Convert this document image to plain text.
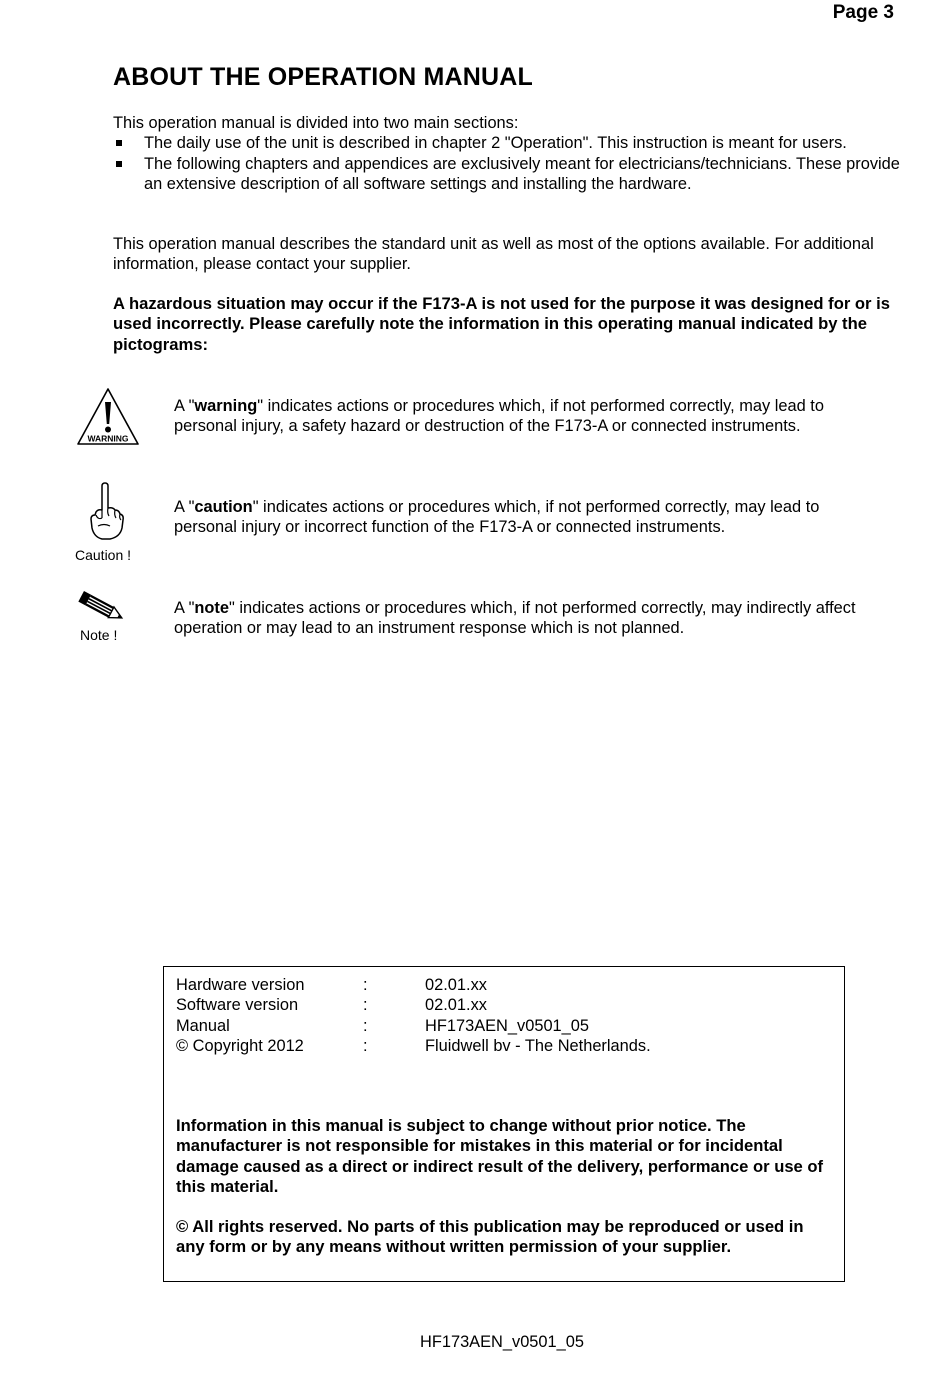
Page 3
ABOUT THE OPERATION MANUAL
This operation manual is divided into two main sections:
The daily use of the unit is described in chapter 2 "Operation". This instruction is meant for users.
The following chapters and appendices are exclusively meant for electricians/technicians. These provide an extensive description of all software settings and installing the hardware.
This operation manual describes the standard unit as well as most of the options available. For additional information, please contact your supplier.
A hazardous situation may occur if the F173-A is not used for the purpose it was designed for or is used incorrectly. Please carefully note the information in this operating manual indicated by the pictograms:
WARNING
A "warning" indicates actions or procedures which, if not performed correctly, may lead to personal injury, a safety hazard or destruction of the F173-A or connected instruments.
Caution !
A "caution" indicates actions or procedures which, if not performed correctly, may lead to personal injury or incorrect function of the F173-A or connected instruments.
Note !
A "note" indicates actions or procedures which, if not performed correctly, may indirectly affect operation or may lead to an instrument response which is not planned.
Hardware version	:	02.01.xx
Software version	:	02.01.xx
Manual	:	HF173AEN_v0501_05
© Copyright 2012	:	Fluidwell bv - The Netherlands.
Information in this manual is subject to change without prior notice. The manufacturer is not responsible for mistakes in this material or for incidental damage caused as a direct or indirect result of the delivery, performance or use of this material.
© All rights reserved. No parts of this publication may be reproduced or used in any form or by any means without written permission of your supplier.
HF173AEN_v0501_05
